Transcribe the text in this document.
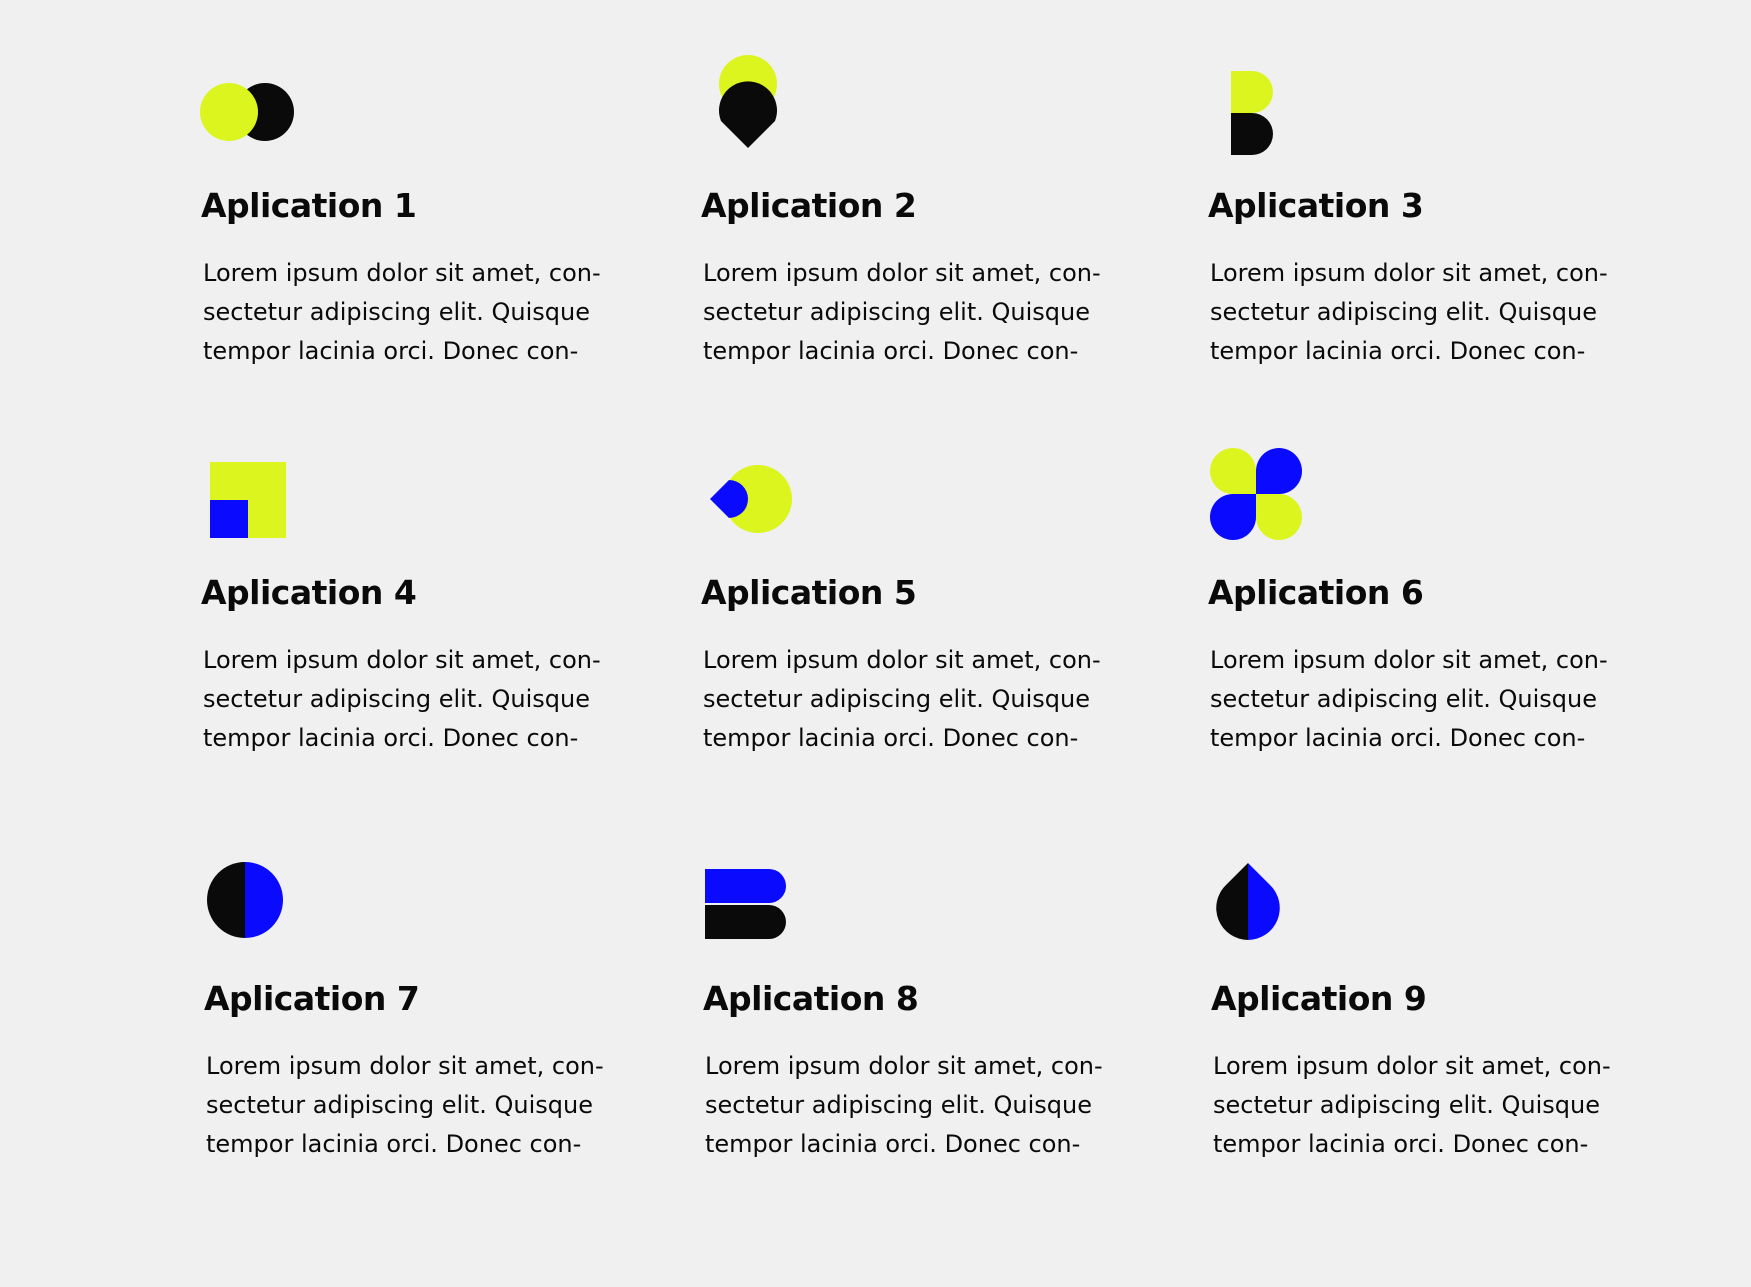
Aplication 1

Lorem ipsum dolor sit amet, con-
sectetur adipiscing elit. Quisque
tempor lacinia orci. Donec con-

Aplication 2

Lorem ipsum dolor sit amet, con-
sectetur adipiscing elit. Quisque
tempor lacinia orci. Donec con-

Aplication 3

Lorem ipsum dolor sit amet, con-
sectetur adipiscing elit. Quisque
tempor lacinia orci. Donec con-

Aplication 4

Lorem ipsum dolor sit amet, con-
sectetur adipiscing elit. Quisque
tempor lacinia orci. Donec con-

Aplication 5

Lorem ipsum dolor sit amet, con-
sectetur adipiscing elit. Quisque
tempor lacinia orci. Donec con-

Aplication 6

Lorem ipsum dolor sit amet, con-
sectetur adipiscing elit. Quisque
tempor lacinia orci. Donec con-

Aplication 7

Lorem ipsum dolor sit amet, con-
sectetur adipiscing elit. Quisque
tempor lacinia orci. Donec con-

Aplication 8

Lorem ipsum dolor sit amet, con-
sectetur adipiscing elit. Quisque
tempor lacinia orci. Donec con-

Aplication 9

Lorem ipsum dolor sit amet, con-
sectetur adipiscing elit. Quisque
tempor lacinia orci. Donec con-
